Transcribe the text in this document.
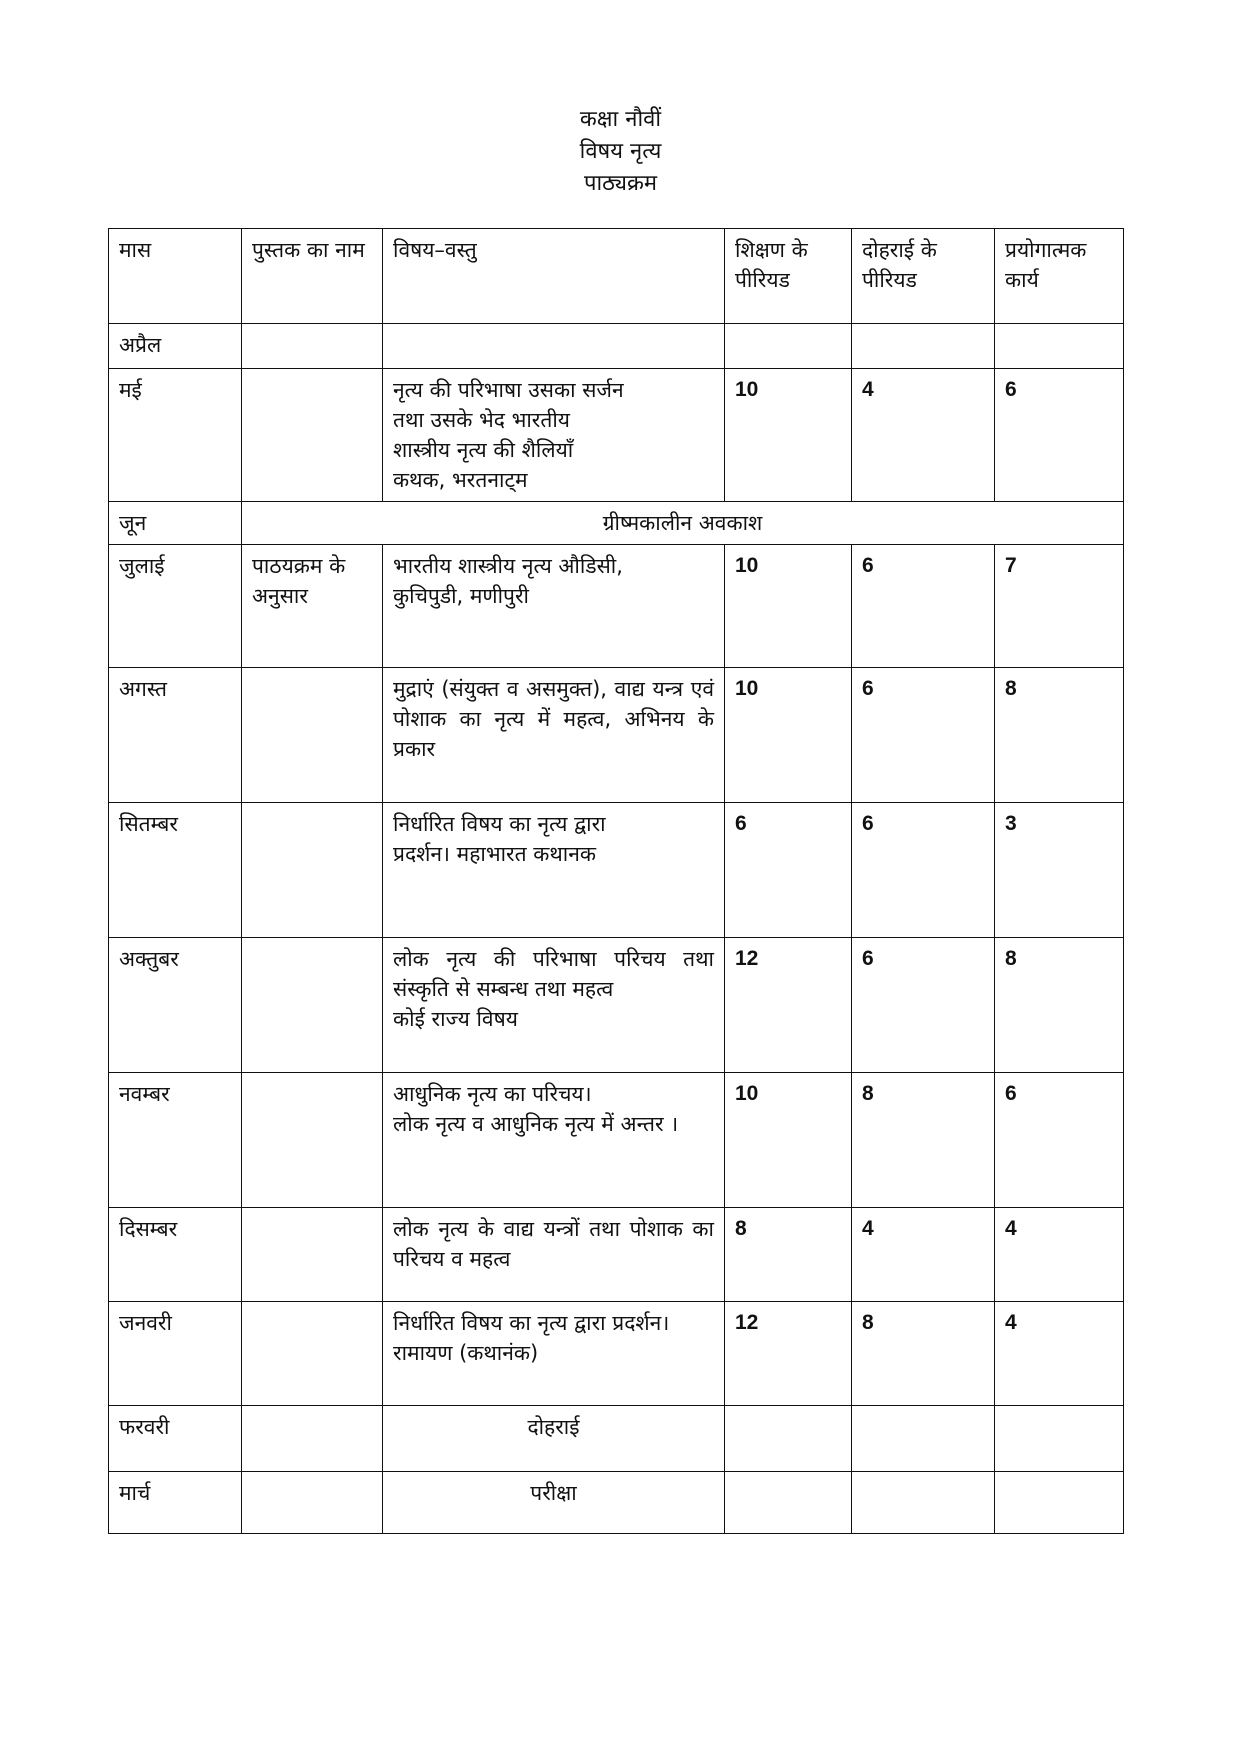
कक्षा नौवीं
विषय नृत्य
पाठ्यक्रम
मास	पुस्तक का नाम	विषय–वस्तु	शिक्षण के पीरियड	दोहराई के पीरियड	प्रयोगात्मक कार्य
अप्रैल					
मई		नृत्य की परिभाषा उसका सर्जन
तथा उसके भेद भारतीय
शास्त्रीय नृत्य की शैलियाँ
कथक, भरतनाट्म	10	4	6
जून	ग्रीष्मकालीन अवकाश				
जुलाई	पाठयक्रम के अनुसार	भारतीय शास्त्रीय नृत्य औडिसी,
कुचिपुडी, मणीपुरी	10	6	7
अगस्त		मुद्राएं (संयुक्त व असमुक्त), वाद्य यन्त्र एवं पोशाक का नृत्य में महत्व, अभिनय के प्रकार	10	6	8
सितम्बर		निर्धारित विषय का नृत्य द्वारा
प्रदर्शन। महाभारत कथानक	6	6	3
अक्तुबर		लोक नृत्य की परिभाषा परिचय तथा संस्कृति से सम्बन्ध तथा महत्व
कोई राज्य विषय	12	6	8
नवम्बर		आधुनिक नृत्य का परिचय।
लोक नृत्य व आधुनिक नृत्य में अन्तर ।	10	8	6
दिसम्बर		लोक नृत्य के वाद्य यन्त्रों तथा पोशाक का परिचय व महत्व	8	4	4
जनवरी		निर्धारित विषय का नृत्य द्वारा प्रदर्शन।
रामायण (कथानंक)	12	8	4
फरवरी		दोहराई			

मार्च		परीक्षा			
